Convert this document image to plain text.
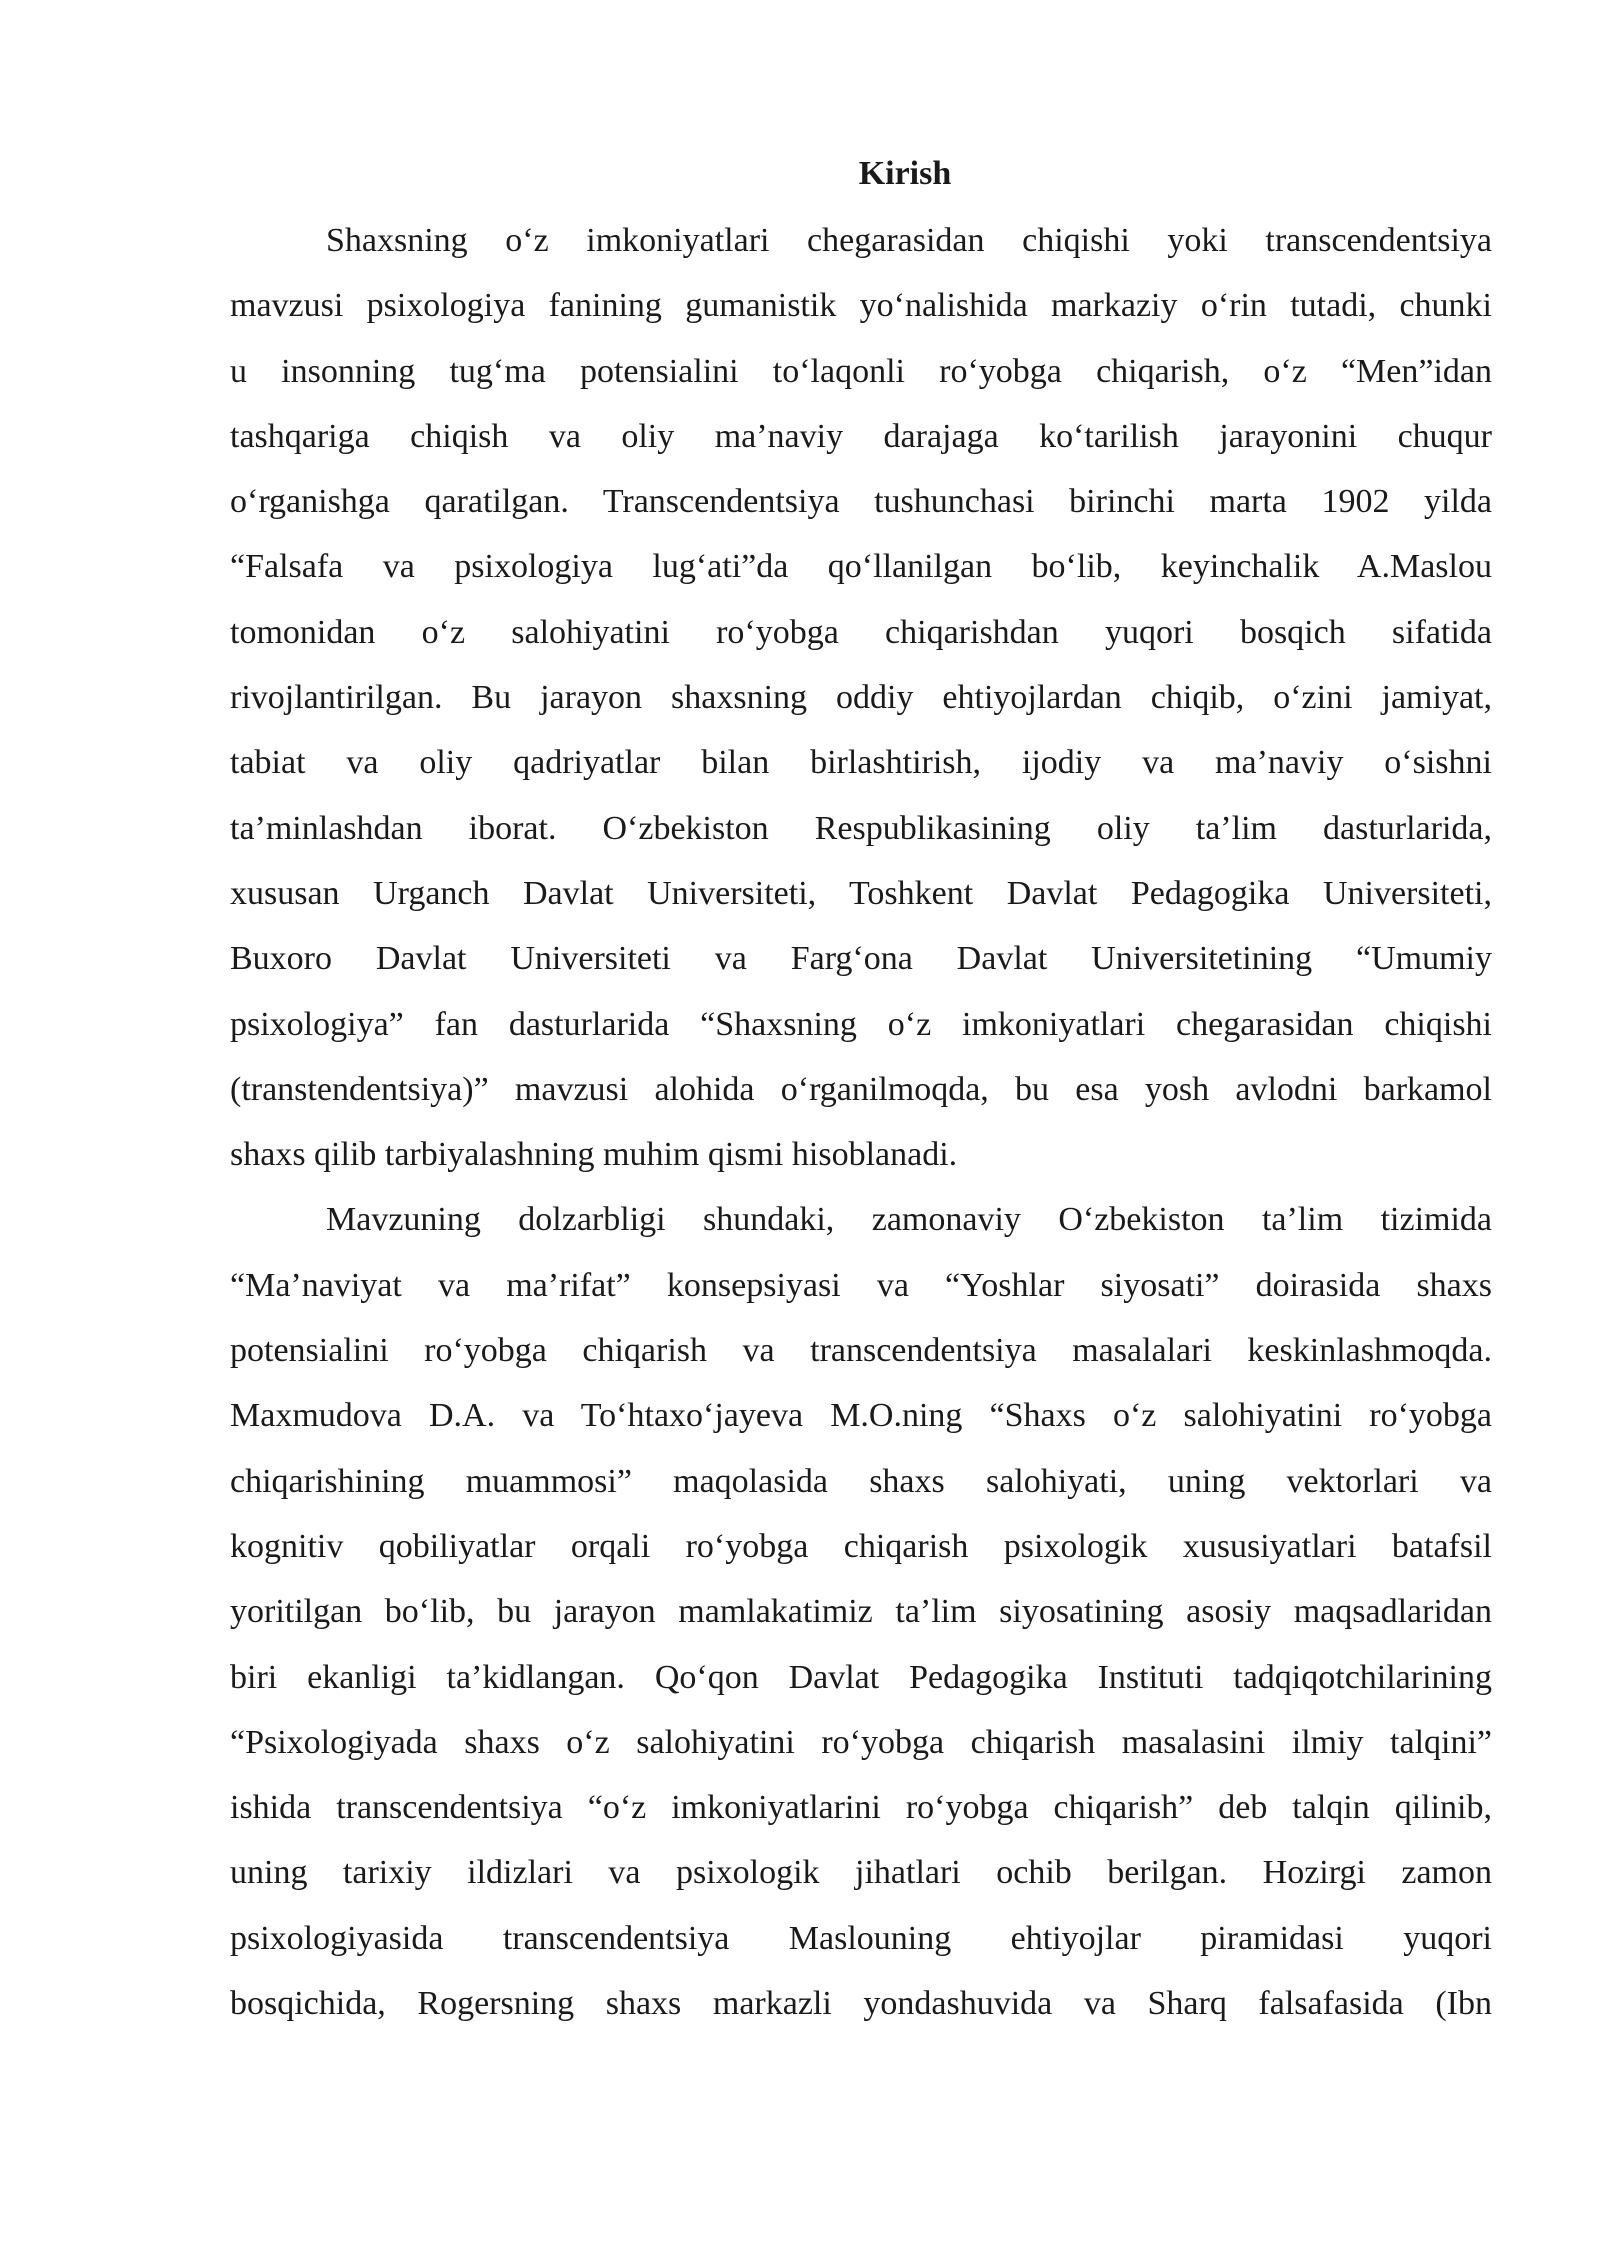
Kirish
Shaxsning o‘z imkoniyatlari chegarasidan chiqishi yoki transcendentsiya
mavzusi psixologiya fanining gumanistik yo‘nalishida markaziy o‘rin tutadi, chunki
u insonning tug‘ma potensialini to‘laqonli ro‘yobga chiqarish, o‘z “Men”idan
tashqariga chiqish va oliy ma’naviy darajaga ko‘tarilish jarayonini chuqur
o‘rganishga qaratilgan. Transcendentsiya tushunchasi birinchi marta 1902 yilda
“Falsafa va psixologiya lug‘ati”da qo‘llanilgan bo‘lib, keyinchalik A.Maslou
tomonidan o‘z salohiyatini ro‘yobga chiqarishdan yuqori bosqich sifatida
rivojlantirilgan. Bu jarayon shaxsning oddiy ehtiyojlardan chiqib, o‘zini jamiyat,
tabiat va oliy qadriyatlar bilan birlashtirish, ijodiy va ma’naviy o‘sishni
ta’minlashdan iborat. O‘zbekiston Respublikasining oliy ta’lim dasturlarida,
xususan Urganch Davlat Universiteti, Toshkent Davlat Pedagogika Universiteti,
Buxoro Davlat Universiteti va Farg‘ona Davlat Universitetining “Umumiy
psixologiya” fan dasturlarida “Shaxsning o‘z imkoniyatlari chegarasidan chiqishi
(transtendentsiya)” mavzusi alohida o‘rganilmoqda, bu esa yosh avlodni barkamol
shaxs qilib tarbiyalashning muhim qismi hisoblanadi.
Mavzuning dolzarbligi shundaki, zamonaviy O‘zbekiston ta’lim tizimida
“Ma’naviyat va ma’rifat” konsepsiyasi va “Yoshlar siyosati” doirasida shaxs
potensialini ro‘yobga chiqarish va transcendentsiya masalalari keskinlashmoqda.
Maxmudova D.A. va To‘htaxo‘jayeva M.O.ning “Shaxs o‘z salohiyatini ro‘yobga
chiqarishining muammosi” maqolasida shaxs salohiyati, uning vektorlari va
kognitiv qobiliyatlar orqali ro‘yobga chiqarish psixologik xususiyatlari batafsil
yoritilgan bo‘lib, bu jarayon mamlakatimiz ta’lim siyosatining asosiy maqsadlaridan
biri ekanligi ta’kidlangan. Qo‘qon Davlat Pedagogika Instituti tadqiqotchilarining
“Psixologiyada shaxs o‘z salohiyatini ro‘yobga chiqarish masalasini ilmiy talqini”
ishida transcendentsiya “o‘z imkoniyatlarini ro‘yobga chiqarish” deb talqin qilinib,
uning tarixiy ildizlari va psixologik jihatlari ochib berilgan. Hozirgi zamon
psixologiyasida transcendentsiya Maslouning ehtiyojlar piramidasi yuqori
bosqichida, Rogersning shaxs markazli yondashuvida va Sharq falsafasida (Ibn
